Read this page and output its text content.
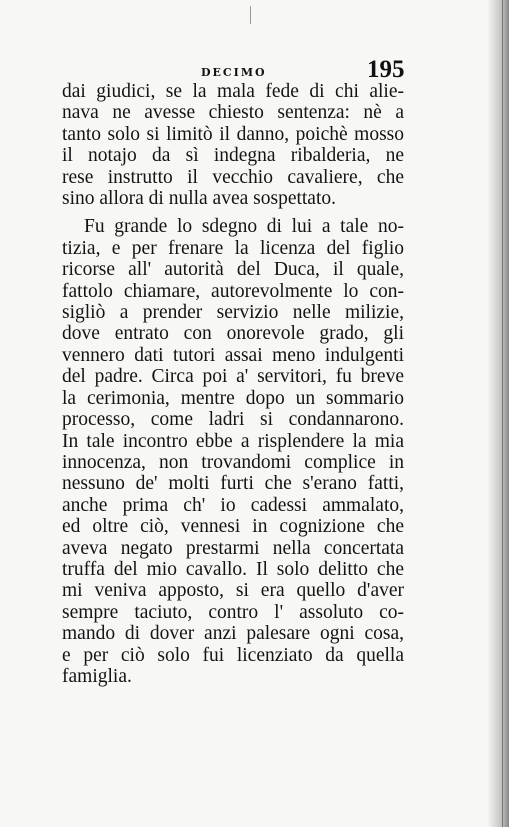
DECIMO	195
dai giudici, se la mala fede di chi alie-
nava ne avesse chiesto sentenza: nè a
tanto solo si limitò il danno, poichè mosso
il notajo da sì indegna ribalderia, ne
rese instrutto il vecchio cavaliere, che
sino allora di nulla avea sospettato.
Fu grande lo sdegno di lui a tale no-
tizia, e per frenare la licenza del figlio
ricorse all' autorità del Duca, il quale,
fattolo chiamare, autorevolmente lo con-
sigliò a prender servizio nelle milizie,
dove entrato con onorevole grado, gli
vennero dati tutori assai meno indulgenti
del padre. Circa poi a' servitori, fu breve
la cerimonia, mentre dopo un sommario
processo, come ladri si condannarono.
In tale incontro ebbe a risplendere la mia
innocenza, non trovandomi complice in
nessuno de' molti furti che s'erano fatti,
anche prima ch' io cadessi ammalato,
ed oltre ciò, vennesi in cognizione che
aveva negato prestarmi nella concertata
truffa del mio cavallo. Il solo delitto che
mi veniva apposto, si era quello d'aver
sempre taciuto, contro l' assoluto co-
mando di dover anzi palesare ogni cosa,
e per ciò solo fui licenziato da quella
famiglia.
